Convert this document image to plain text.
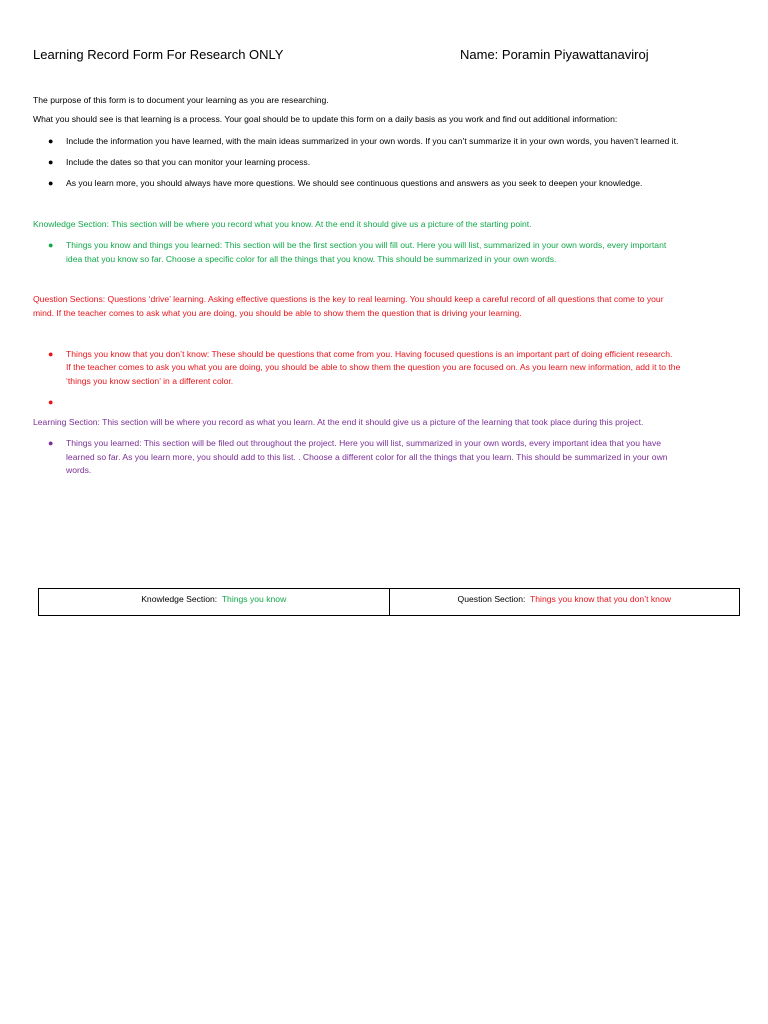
Learning Record Form For Research ONLY	Name: Poramin Piyawattanaviroj
The purpose of this form is to document your learning as you are researching.
What you should see is that learning is a process. Your goal should be to update this form on a daily basis as you work and find out additional information:
●	Include the information you have learned, with the main ideas summarized in your own words. If you can’t summarize it in your own words, you haven’t learned it.
●	Include the dates so that you can monitor your learning process.
●	As you learn more, you should always have more questions. We should see continuous questions and answers as you seek to deepen your knowledge.
Knowledge Section: This section will be where you record what you know. At the end it should give us a picture of the starting point.
●	Things you know and things you learned: This section will be the first section you will fill out. Here you will list, summarized in your own words, every important
idea that you know so far. Choose a specific color for all the things that you know. This should be summarized in your own words.
Question Sections: Questions ‘drive’ learning. Asking effective questions is the key to real learning. You should keep a careful record of all questions that come to your
mind. If the teacher comes to ask what you are doing, you should be able to show them the question that is driving your learning.
●	Things you know that you don’t know: These should be questions that come from you. Having focused questions is an important part of doing efficient research.
If the teacher comes to ask you what you are doing, you should be able to show them the question you are focused on. As you learn new information, add it to the
‘things you know section’ in a different color.
●
Learning Section: This section will be where you record as what you learn. At the end it should give us a picture of the learning that took place during this project.
●	Things you learned: This section will be filed out throughout the project. Here you will list, summarized in your own words, every important idea that you have
learned so far. As you learn more, you should add to this list. . Choose a different color for all the things that you learn. This should be summarized in your own
words.
Knowledge Section: Things you know	Question Section: Things you know that you don’t know
